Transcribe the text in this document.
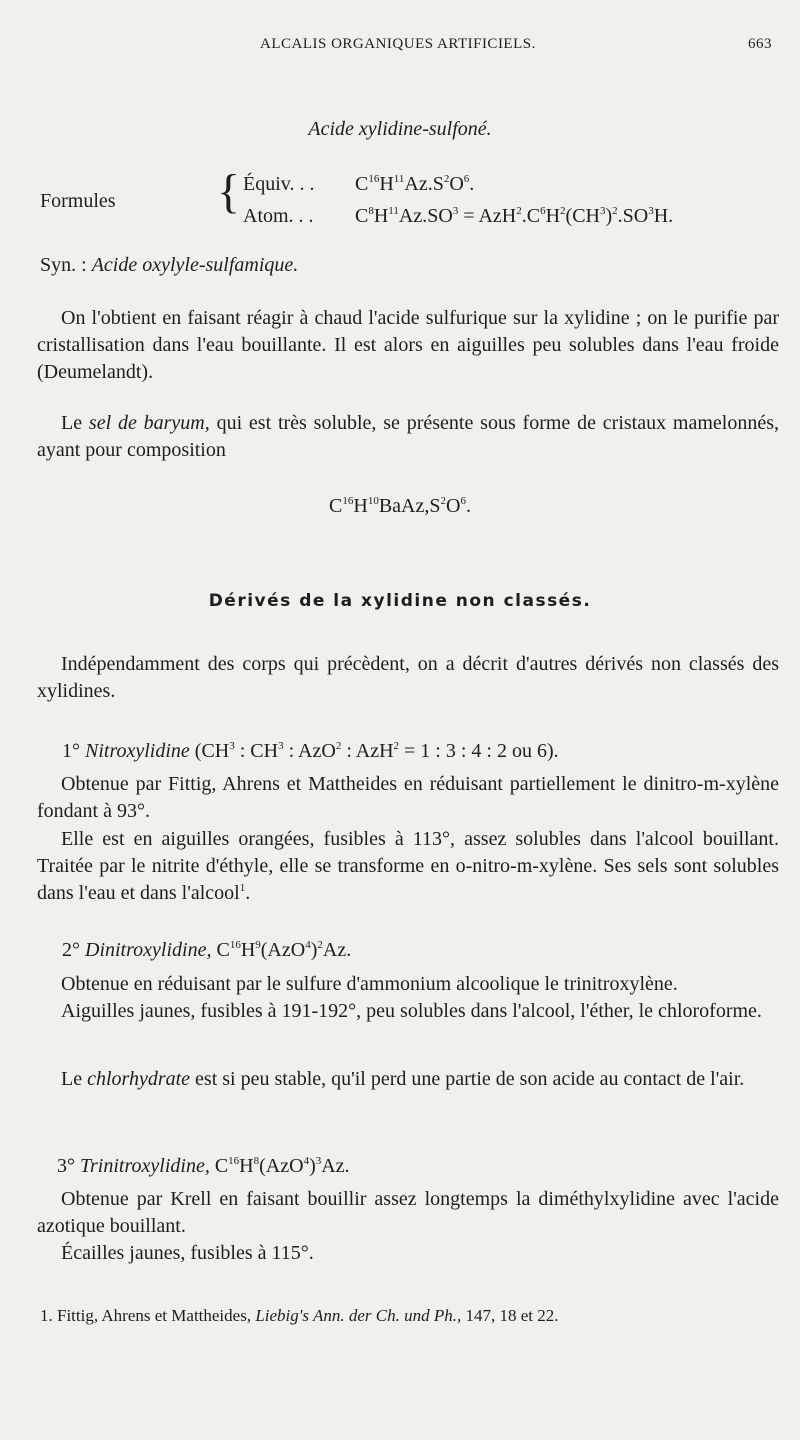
ALCALIS ORGANIQUES ARTIFICIELS.	663
Acide xylidine-sulfoné.
Formules { Équiv. . . $C^{16}H^{11}Az.S^2O^6$.
Atom. . . $C^8H^{11}Az.SO^3 = AzH^2.C^6H^2(CH^3)^2.SO^3H$.
Syn. : Acide oxylyle-sulfamique.

On l'obtient en faisant réagir à chaud l'acide sulfurique sur la xylidine ; on le purifie par cristallisation dans l'eau bouillante. Il est alors en aiguilles peu solubles dans l'eau froide (Deumelandt).

Le sel de baryum, qui est très soluble, se présente sous forme de cristaux mamelonnés, ayant pour composition

$C^{16}H^{10}BaAz,S^2O^6$.
Dérivés de la xylidine non classés.

Indépendamment des corps qui précèdent, on a décrit d'autres dérivés non classés des xylidines.

1° Nitroxylidine ($CH^3$ : $CH^3$ : AzO$^2$ : AzH$^2$ = 1 : 3 : 4 : 2 ou 6).

Obtenue par Fittig, Ahrens et Mattheides en réduisant partiellement le dinitro-m-xylène fondant à 93°.

Elle est en aiguilles orangées, fusibles à 113°, assez solubles dans l'alcool bouillant. Traitée par le nitrite d'éthyle, elle se transforme en o-nitro-m-xylène. Ses sels sont solubles dans l'eau et dans l'alcool$^1$.

2° Dinitroxylidine, $C^{16}H^9(AzO^4)^2Az$.

Obtenue en réduisant par le sulfure d'ammonium alcoolique le trinitroxylène.

Aiguilles jaunes, fusibles à 191-192°, peu solubles dans l'alcool, l'éther, le chloroforme.

Le chlorhydrate est si peu stable, qu'il perd une partie de son acide au contact de l'air.

3° Trinitroxylidine, $C^{16}H^8(AzO^4)^3Az$.

Obtenue par Krell en faisant bouillir assez longtemps la diméthylxylidine avec l'acide azotique bouillant.

Écailles jaunes, fusibles à 115°.

1. Fittig, Ahrens et Mattheides, Liebig's Ann. der Ch. und Ph., 147, 18 et 22.
